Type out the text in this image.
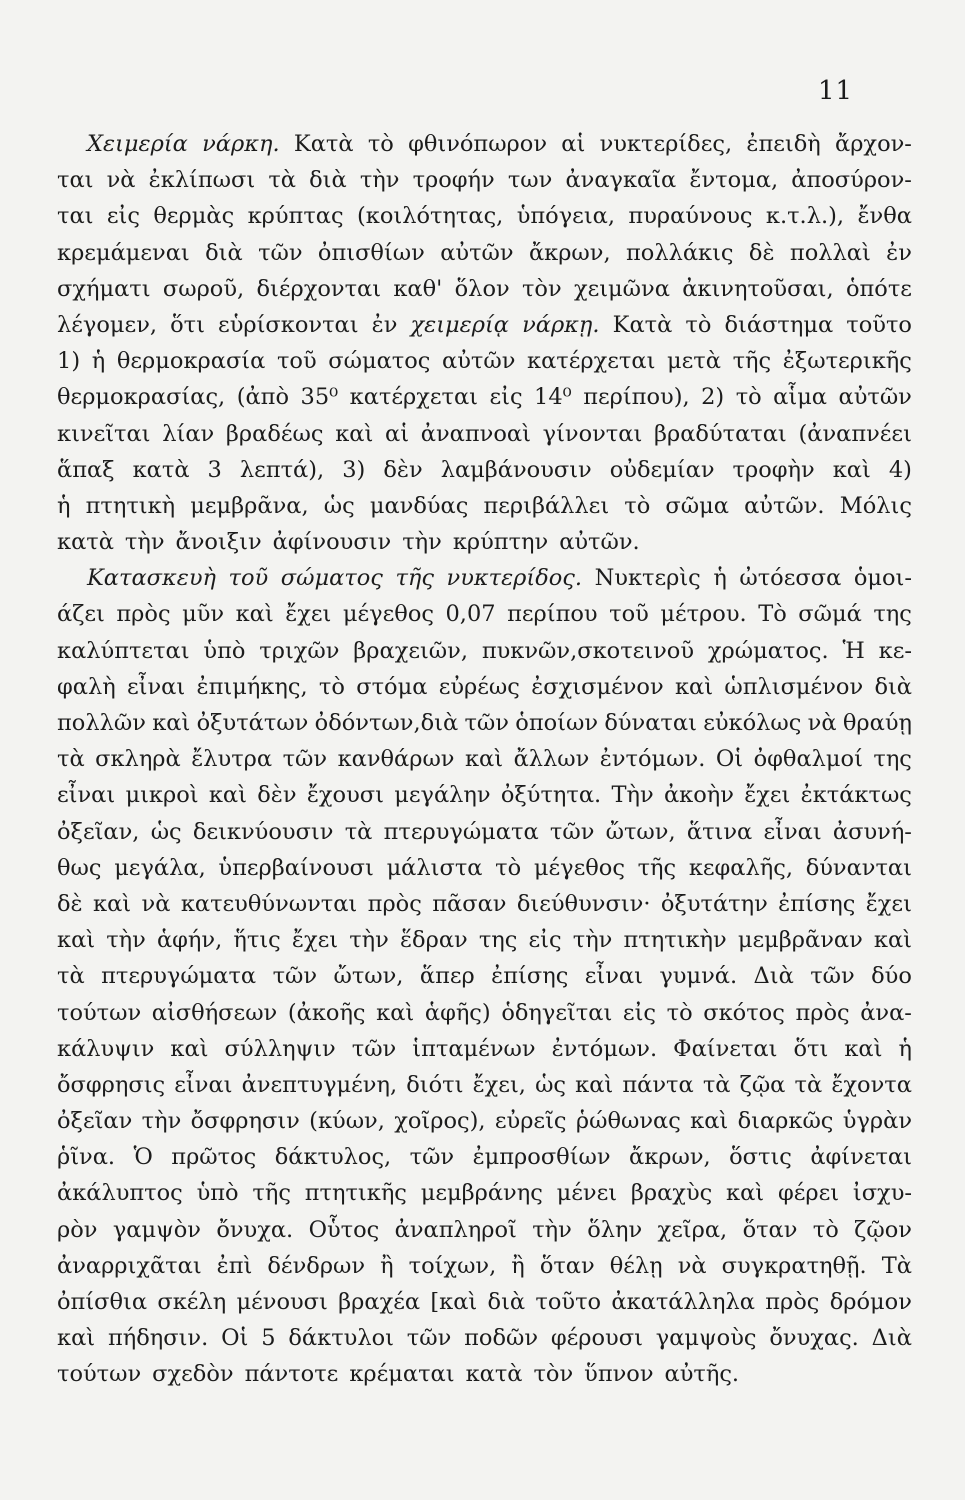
11
Χειμερία νάρκη. Κατὰ τὸ φθινόπωρον αἱ νυκτερίδες, ἐπειδὴ ἄρχον-
ται νὰ ἐκλίπωσι τὰ διὰ τὴν τροφήν των ἀναγκαῖα ἔντομα, ἀποσύρον-
ται εἰς θερμὰς κρύπτας (κοιλότητας, ὑπόγεια, πυραύνους κ.τ.λ.), ἔνθα
κρεμάμεναι διὰ τῶν ὀπισθίων αὐτῶν ἄκρων, πολλάκις δὲ πολλαὶ ἐν
σχήματι σωροῦ, διέρχονται καθ' ὅλον τὸν χειμῶνα ἀκινητοῦσαι, ὁπότε
λέγομεν, ὅτι εὑρίσκονται ἐν χειμερίᾳ νάρκῃ. Κατὰ τὸ διάστημα τοῦτο
1) ἡ θερμοκρασία τοῦ σώματος αὐτῶν κατέρχεται μετὰ τῆς ἐξωτερικῆς
θερμοκρασίας, (ἀπὸ 35⁰ κατέρχεται εἰς 14⁰ περίπου), 2) τὸ αἷμα αὐτῶν
κινεῖται λίαν βραδέως καὶ αἱ ἀναπνοαὶ γίνονται βραδύταται (ἀναπνέει
ἅπαξ κατὰ 3 λεπτά), 3) δὲν λαμβάνουσιν οὐδεμίαν τροφὴν καὶ 4)
ἡ πτητικὴ μεμβρᾶνα, ὡς μανδύας περιβάλλει τὸ σῶμα αὐτῶν. Μόλις
κατὰ τὴν ἄνοιξιν ἀφίνουσιν τὴν κρύπτην αὐτῶν.
Κατασκευὴ τοῦ σώματος τῆς νυκτερίδος. Νυκτερὶς ἡ ὠτόεσσα ὁμοι-
άζει πρὸς μῦν καὶ ἔχει μέγεθος 0,07 περίπου τοῦ μέτρου. Τὸ σῶμά της
καλύπτεται ὑπὸ τριχῶν βραχειῶν, πυκνῶν,σκοτεινοῦ χρώματος. Ἡ κε-
φαλὴ εἶναι ἐπιμήκης, τὸ στόμα εὐρέως ἐσχισμένον καὶ ὡπλισμένον διὰ
πολλῶν καὶ ὀξυτάτων ὀδόντων,διὰ τῶν ὁποίων δύναται εὐκόλως νὰ θραύῃ
τὰ σκληρὰ ἔλυτρα τῶν κανθάρων καὶ ἄλλων ἐντόμων. Οἱ ὀφθαλμοί της
εἶναι μικροὶ καὶ δὲν ἔχουσι μεγάλην ὀξύτητα. Τὴν ἀκοὴν ἔχει ἐκτάκτως
ὀξεῖαν, ὡς δεικνύουσιν τὰ πτερυγώματα τῶν ὤτων, ἅτινα εἶναι ἀσυνή-
θως μεγάλα, ὑπερβαίνουσι μάλιστα τὸ μέγεθος τῆς κεφαλῆς, δύνανται
δὲ καὶ νὰ κατευθύνωνται πρὸς πᾶσαν διεύθυνσιν· ὀξυτάτην ἐπίσης ἔχει
καὶ τὴν ἁφήν, ἥτις ἔχει τὴν ἕδραν της εἰς τὴν πτητικὴν μεμβρᾶναν καὶ
τὰ πτερυγώματα τῶν ὤτων, ἅπερ ἐπίσης εἶναι γυμνά. Διὰ τῶν δύο
τούτων αἰσθήσεων (ἀκοῆς καὶ ἁφῆς) ὁδηγεῖται εἰς τὸ σκότος πρὸς ἀνα-
κάλυψιν καὶ σύλληψιν τῶν ἱπταμένων ἐντόμων. Φαίνεται ὅτι καὶ ἡ
ὄσφρησις εἶναι ἀνεπτυγμένη, διότι ἔχει, ὡς καὶ πάντα τὰ ζῷα τὰ ἔχοντα
ὀξεῖαν τὴν ὄσφρησιν (κύων, χοῖρος), εὐρεῖς ῥώθωνας καὶ διαρκῶς ὑγρὰν
ῥῖνα. Ὁ πρῶτος δάκτυλος, τῶν ἐμπροσθίων ἄκρων, ὅστις ἀφίνεται
ἀκάλυπτος ὑπὸ τῆς πτητικῆς μεμβράνης μένει βραχὺς καὶ φέρει ἰσχυ-
ρὸν γαμψὸν ὄνυχα. Οὗτος ἀναπληροῖ τὴν ὅλην χεῖρα, ὅταν τὸ ζῷον
ἀναρριχᾶται ἐπὶ δένδρων ἢ τοίχων, ἢ ὅταν θέλῃ νὰ συγκρατηθῇ. Τὰ
ὀπίσθια σκέλη μένουσι βραχέα [καὶ διὰ τοῦτο ἀκατάλληλα πρὸς δρόμον
καὶ πήδησιν. Οἱ 5 δάκτυλοι τῶν ποδῶν φέρουσι γαμψοὺς ὄνυχας. Διὰ
τούτων σχεδὸν πάντοτε κρέμαται κατὰ τὸν ὕπνον αὐτῆς.
